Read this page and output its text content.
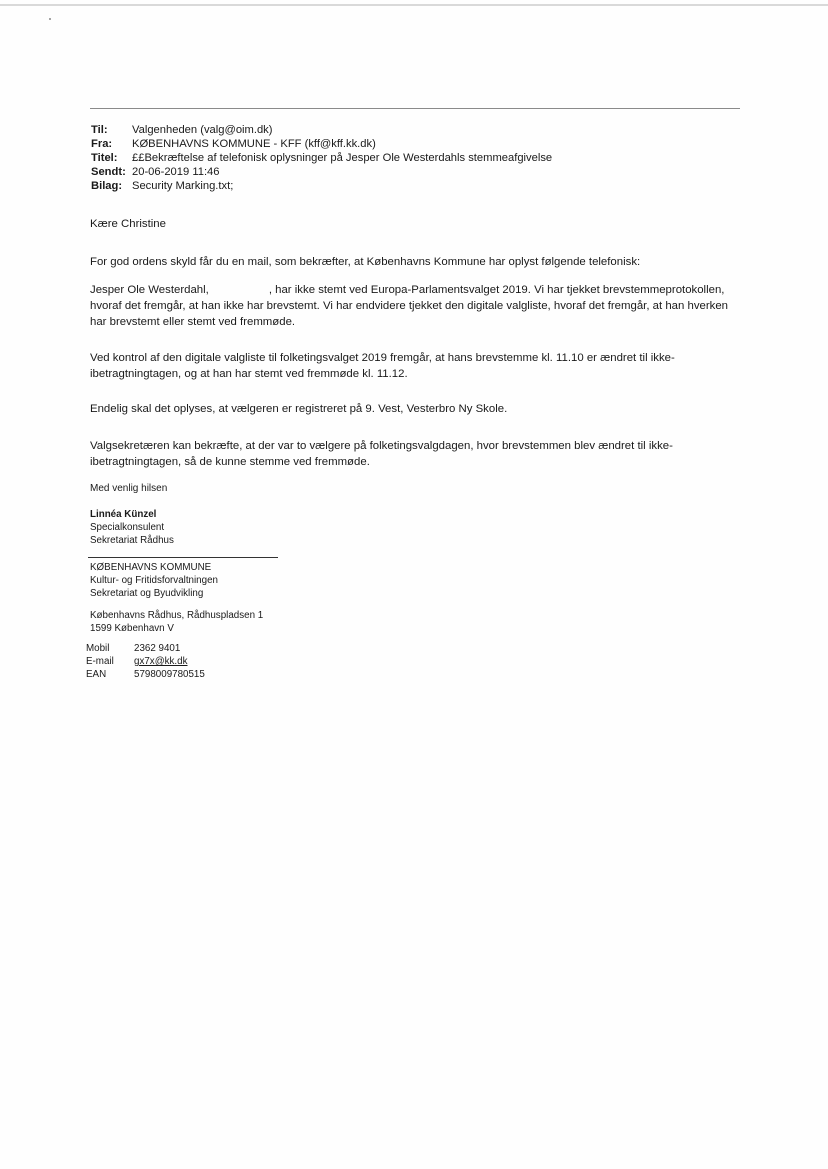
Til:	Valgenheden (valg@oim.dk)
Fra:	KØBENHAVNS KOMMUNE - KFF (kff@kff.kk.dk)
Titel:	££Bekræftelse af telefonisk oplysninger på Jesper Ole Westerdahls stemmeafgivelse
Sendt: 20-06-2019 11:46
Bilag: Security Marking.txt;

Kære Christine

For god ordens skyld får du en mail, som bekræfter, at Københavns Kommune har oplyst følgende telefonisk:

Jesper Ole Westerdahl,	, har ikke stemt ved Europa-Parlamentsvalget 2019. Vi har tjekket brevstemmeprotokollen, hvoraf det fremgår, at han ikke har brevstemt. Vi har endvidere tjekket den digitale valgliste, hvoraf det fremgår, at han hverken har brevstemt eller stemt ved fremmøde.

Ved kontrol af den digitale valgliste til folketingsvalget 2019 fremgår, at hans brevstemme kl. 11.10 er ændret til ikke-ibetragtningtagen, og at han har stemt ved fremmøde kl. 11.12.

Endelig skal det oplyses, at vælgeren er registreret på 9. Vest, Vesterbro Ny Skole.

Valgsekretæren kan bekræfte, at der var to vælgere på folketingsvalgdagen, hvor brevstemmen blev ændret til ikke-ibetragtningtagen, så de kunne stemme ved fremmøde.

Med venlig hilsen

Linnéa Künzel
Specialkonsulent
Sekretariat Rådhus
KØBENHAVNS KOMMUNE
Kultur- og Fritidsforvaltningen
Sekretariat og Byudvikling
Københavns Rådhus, Rådhuspladsen 1
1599 København V
Mobil	2362 9401
E-mail	gx7x@kk.dk
EAN	5798009780515
